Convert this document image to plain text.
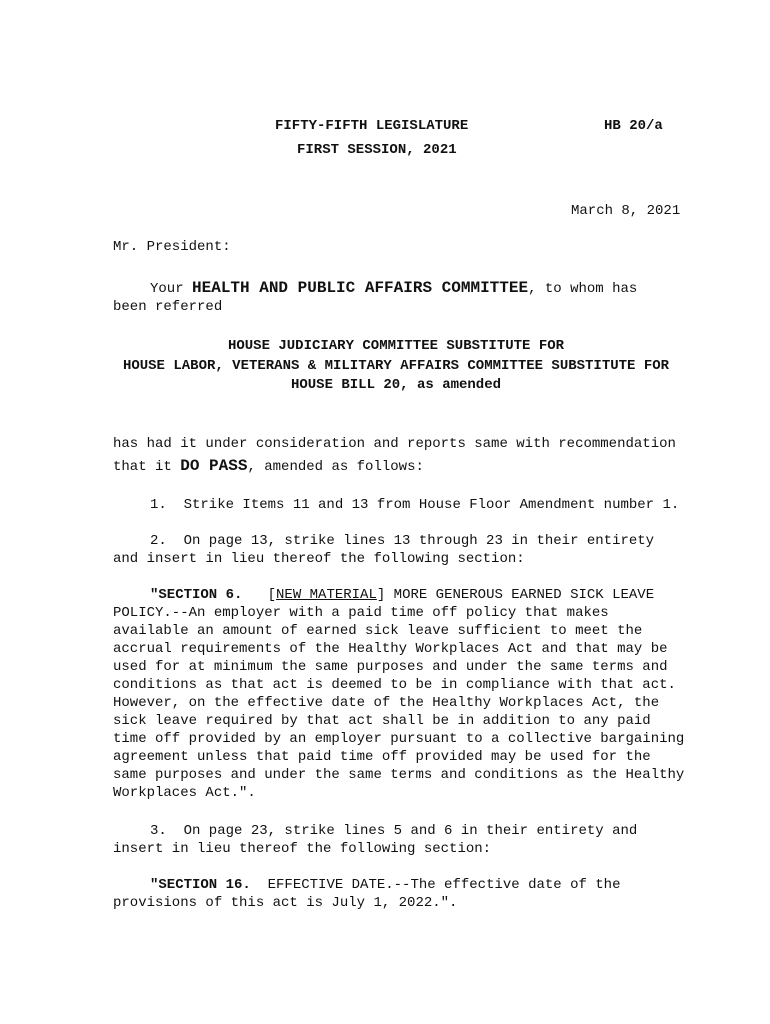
FIFTY-FIFTH LEGISLATURE	HB 20/a
FIRST SESSION, 2021
March 8, 2021
Mr. President:
Your HEALTH AND PUBLIC AFFAIRS COMMITTEE, to whom has
been referred
HOUSE JUDICIARY COMMITTEE SUBSTITUTE FOR
HOUSE LABOR, VETERANS & MILITARY AFFAIRS COMMITTEE SUBSTITUTE FOR
HOUSE BILL 20, as amended
has had it under consideration and reports same with recommendation
that it DO PASS, amended as follows:
1.  Strike Items 11 and 13 from House Floor Amendment number 1.
2.  On page 13, strike lines 13 through 23 in their entirety
and insert in lieu thereof the following section:
"SECTION 6.   [NEW MATERIAL] MORE GENEROUS EARNED SICK LEAVE
POLICY.--An employer with a paid time off policy that makes
available an amount of earned sick leave sufficient to meet the
accrual requirements of the Healthy Workplaces Act and that may be
used for at minimum the same purposes and under the same terms and
conditions as that act is deemed to be in compliance with that act.
However, on the effective date of the Healthy Workplaces Act, the
sick leave required by that act shall be in addition to any paid
time off provided by an employer pursuant to a collective bargaining
agreement unless that paid time off provided may be used for the
same purposes and under the same terms and conditions as the Healthy
Workplaces Act.".
3.  On page 23, strike lines 5 and 6 in their entirety and
insert in lieu thereof the following section:
"SECTION 16.  EFFECTIVE DATE.--The effective date of the
provisions of this act is July 1, 2022.".
